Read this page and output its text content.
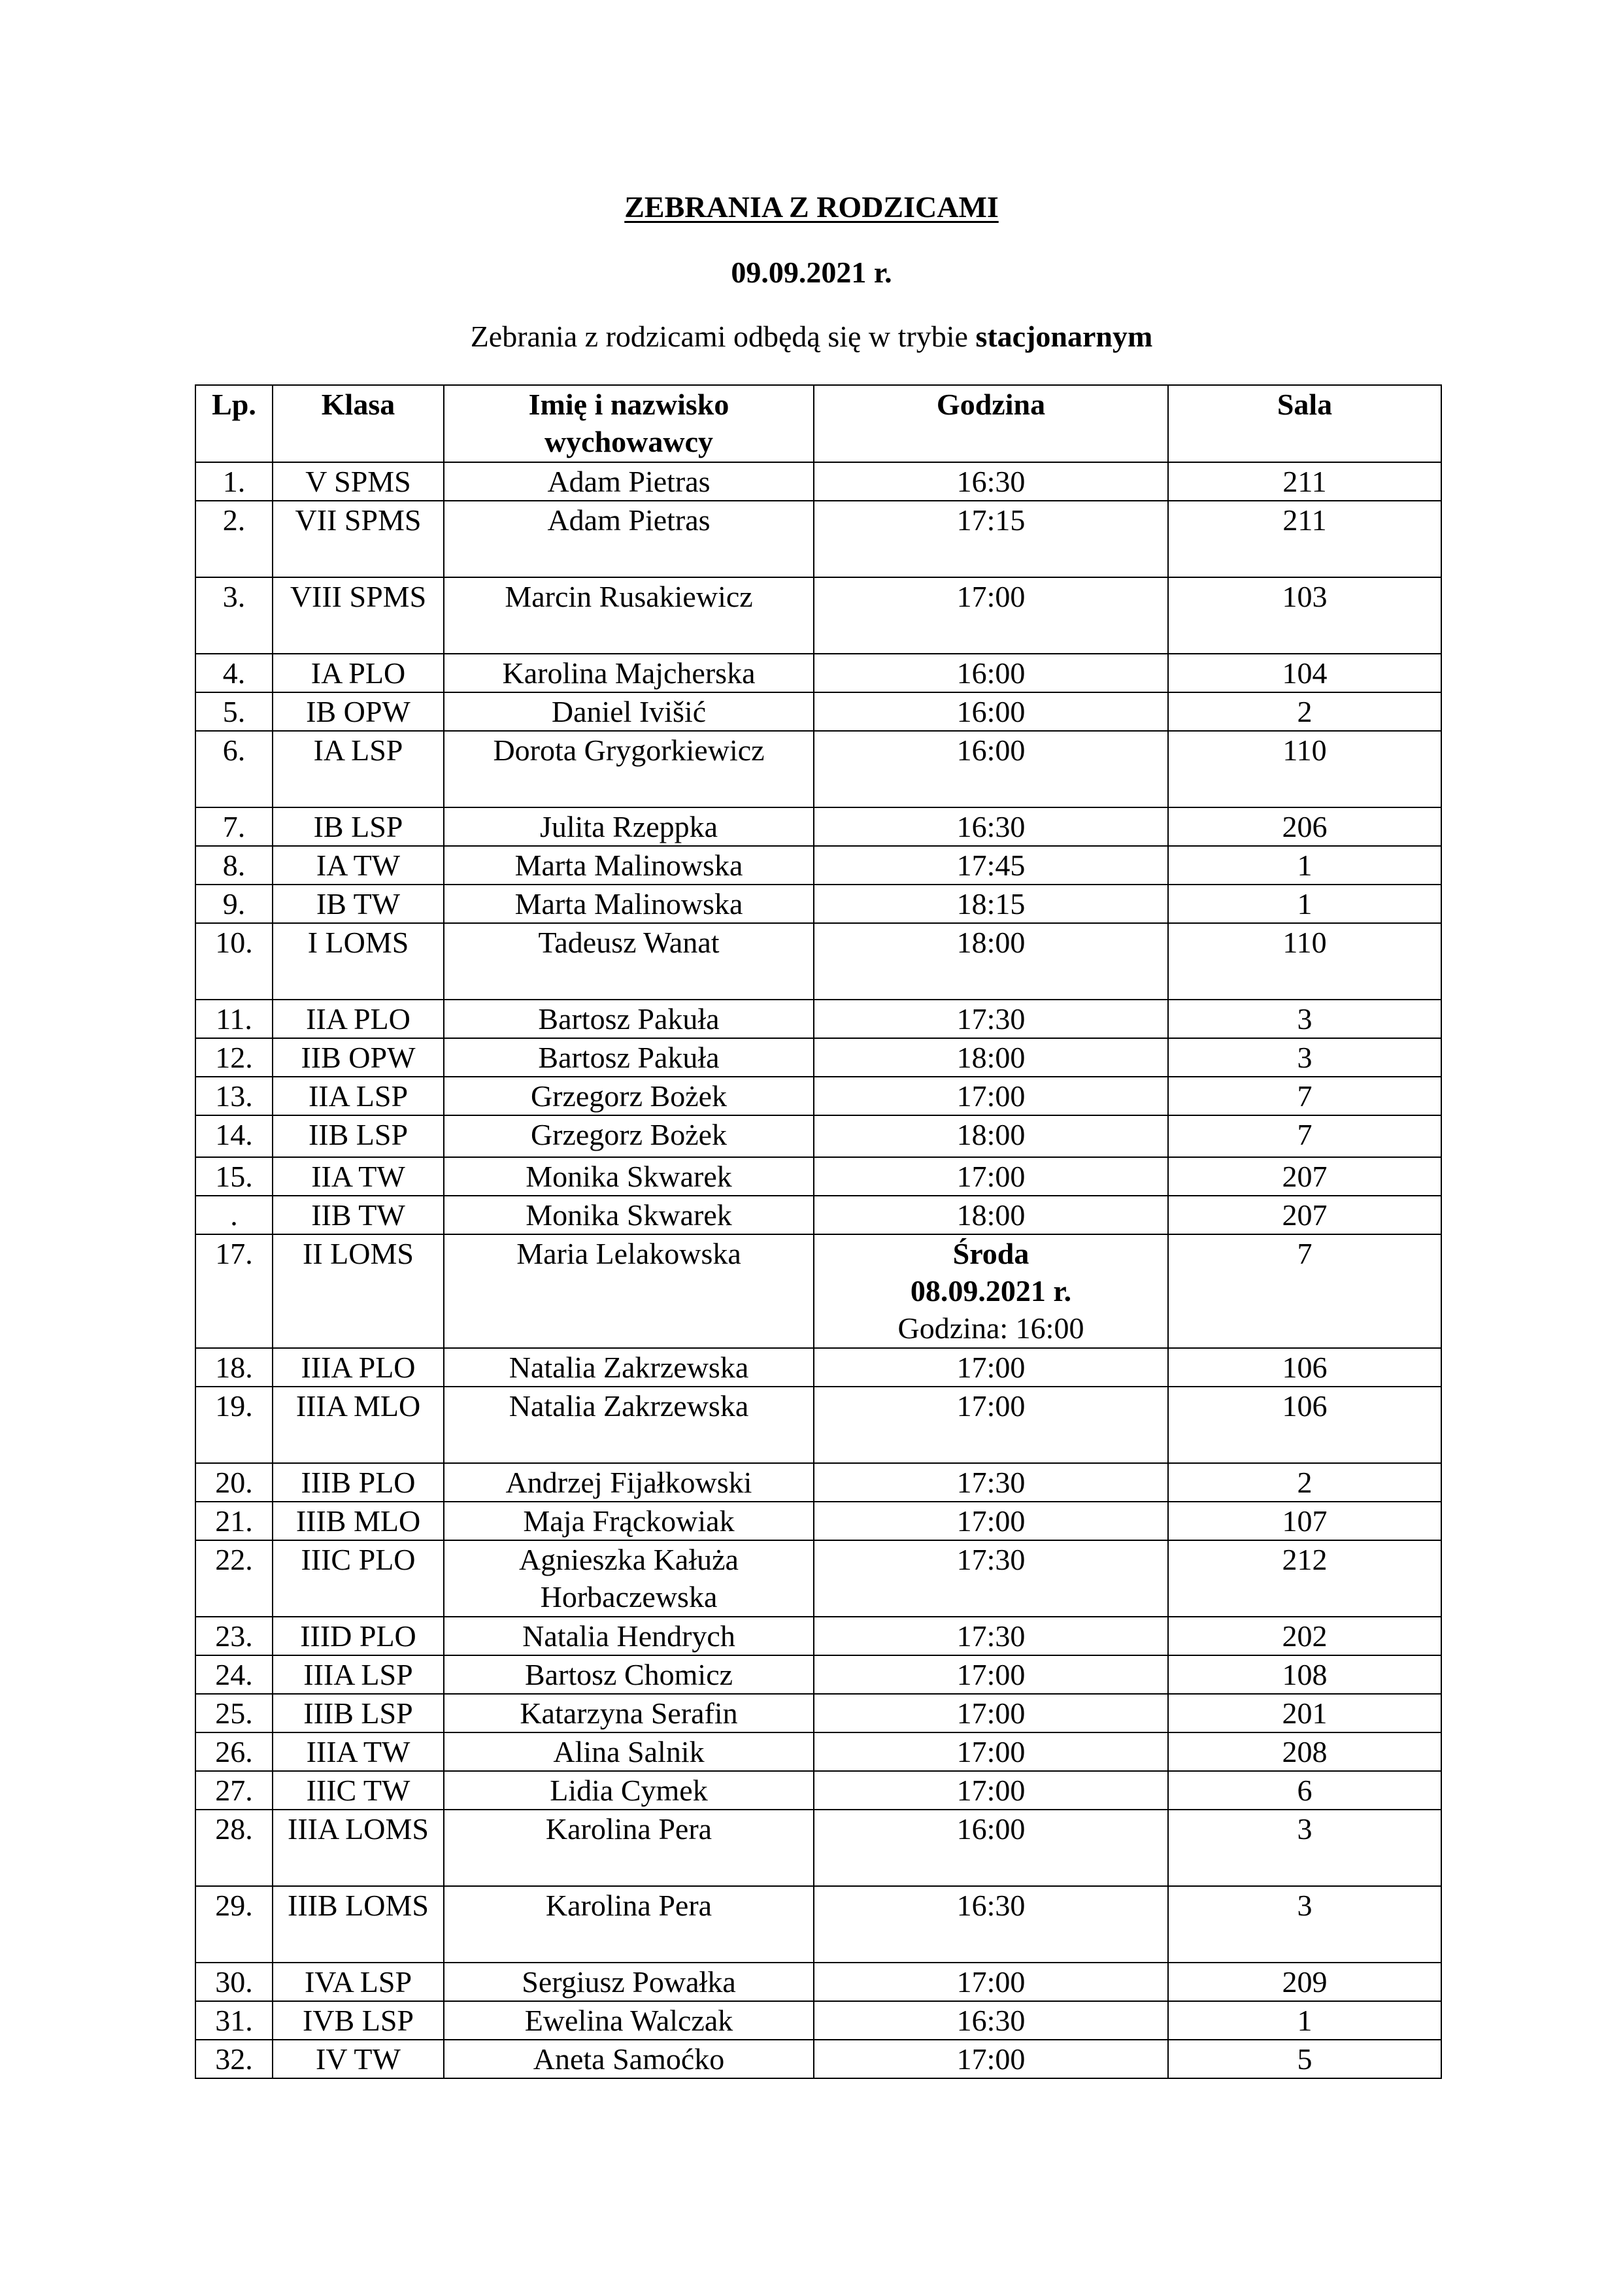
ZEBRANIA Z RODZICAMI
09.09.2021 r.
Zebrania z rodzicami odbędą się w trybie stacjonarnym
Lp.	Klasa	Imię i nazwisko wychowawcy	Godzina	Sala
1.	V SPMS	Adam Pietras	16:30	211
2.	VII SPMS	Adam Pietras	17:15	211
3.	VIII SPMS	Marcin Rusakiewicz	17:00	103
4.	IA PLO	Karolina Majcherska	16:00	104
5.	IB OPW	Daniel Ivišić	16:00	2
6.	IA LSP	Dorota Grygorkiewicz	16:00	110
7.	IB LSP	Julita Rzeppka	16:30	206
8.	IA TW	Marta Malinowska	17:45	1
9.	IB TW	Marta Malinowska	18:15	1
10.	I LOMS	Tadeusz Wanat	18:00	110
11.	IIA PLO	Bartosz Pakuła	17:30	3
12.	IIB OPW	Bartosz Pakuła	18:00	3
13.	IIA LSP	Grzegorz Bożek	17:00	7
14.	IIB LSP	Grzegorz Bożek	18:00	7
15.	IIA TW	Monika Skwarek	17:00	207
.	IIB TW	Monika Skwarek	18:00	207
17.	II LOMS	Maria Lelakowska	Środa
08.09.2021 r.
Godzina: 16:00	7
18.	IIIA PLO	Natalia Zakrzewska	17:00	106
19.	IIIA MLO	Natalia Zakrzewska	17:00	106
20.	IIIB PLO	Andrzej Fijałkowski	17:30	2
21.	IIIB MLO	Maja Frąckowiak	17:00	107
22.	IIIC PLO	Agnieszka Kałuża Horbaczewska	17:30	212
23.	IIID PLO	Natalia Hendrych	17:30	202
24.	IIIA LSP	Bartosz Chomicz	17:00	108
25.	IIIB LSP	Katarzyna Serafin	17:00	201
26.	IIIA TW	Alina Salnik	17:00	208
27.	IIIC TW	Lidia Cymek	17:00	6
28.	IIIA LOMS	Karolina Pera	16:00	3
29.	IIIB LOMS	Karolina Pera	16:30	3
30.	IVA LSP	Sergiusz Powałka	17:00	209
31.	IVB LSP	Ewelina Walczak	16:30	1
32.	IV TW	Aneta Samoćko	17:00	5
